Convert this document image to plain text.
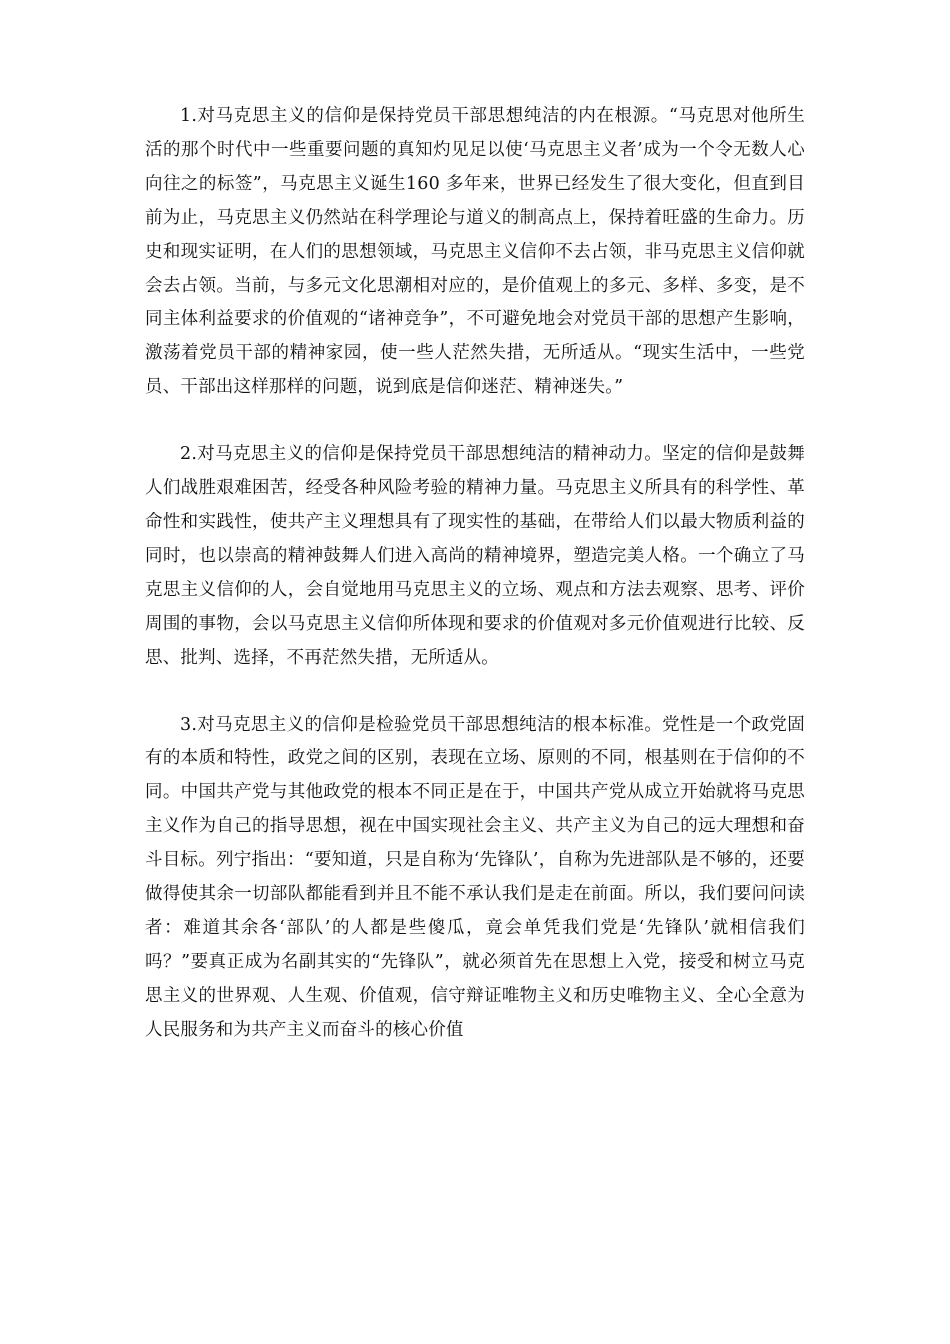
1.对马克思主义的信仰是保持党员干部思想纯洁的内在根源。“马克思对他所生活的那个时代中一些重要问题的真知灼见足以使‘马克思主义者’成为一个令无数人心向往之的标签”，马克思主义诞生160 多年来，世界已经发生了很大变化，但直到目前为止，马克思主义仍然站在科学理论与道义的制高点上，保持着旺盛的生命力。历史和现实证明，在人们的思想领域，马克思主义信仰不去占领，非马克思主义信仰就会去占领。当前，与多元文化思潮相对应的，是价值观上的多元、多样、多变，是不同主体利益要求的价值观的“诸神竞争”，不可避免地会对党员干部的思想产生影响，激荡着党员干部的精神家园，使一些人茫然失措，无所适从。“现实生活中，一些党员、干部出这样那样的问题，说到底是信仰迷茫、精神迷失。”

2.对马克思主义的信仰是保持党员干部思想纯洁的精神动力。坚定的信仰是鼓舞人们战胜艰难困苦，经受各种风险考验的精神力量。马克思主义所具有的科学性、革命性和实践性，使共产主义理想具有了现实性的基础，在带给人们以最大物质利益的同时，也以崇高的精神鼓舞人们进入高尚的精神境界，塑造完美人格。一个确立了马克思主义信仰的人，会自觉地用马克思主义的立场、观点和方法去观察、思考、评价周围的事物，会以马克思主义信仰所体现和要求的价值观对多元价值观进行比较、反思、批判、选择，不再茫然失措，无所适从。

3.对马克思主义的信仰是检验党员干部思想纯洁的根本标准。党性是一个政党固有的本质和特性，政党之间的区别，表现在立场、原则的不同，根基则在于信仰的不同。中国共产党与其他政党的根本不同正是在于，中国共产党从成立开始就将马克思主义作为自己的指导思想，视在中国实现社会主义、共产主义为自己的远大理想和奋斗目标。列宁指出：“要知道，只是自称为‘先锋队’，自称为先进部队是不够的，还要做得使其余一切部队都能看到并且不能不承认我们是走在前面。所以，我们要问问读者：难道其余各‘部队’的人都是些傻瓜，竟会单凭我们党是‘先锋队’就相信我们吗？”要真正成为名副其实的“先锋队”，就必须首先在思想上入党，接受和树立马克思主义的世界观、人生观、价值观，信守辩证唯物主义和历史唯物主义、全心全意为人民服务和为共产主义而奋斗的核心价值
